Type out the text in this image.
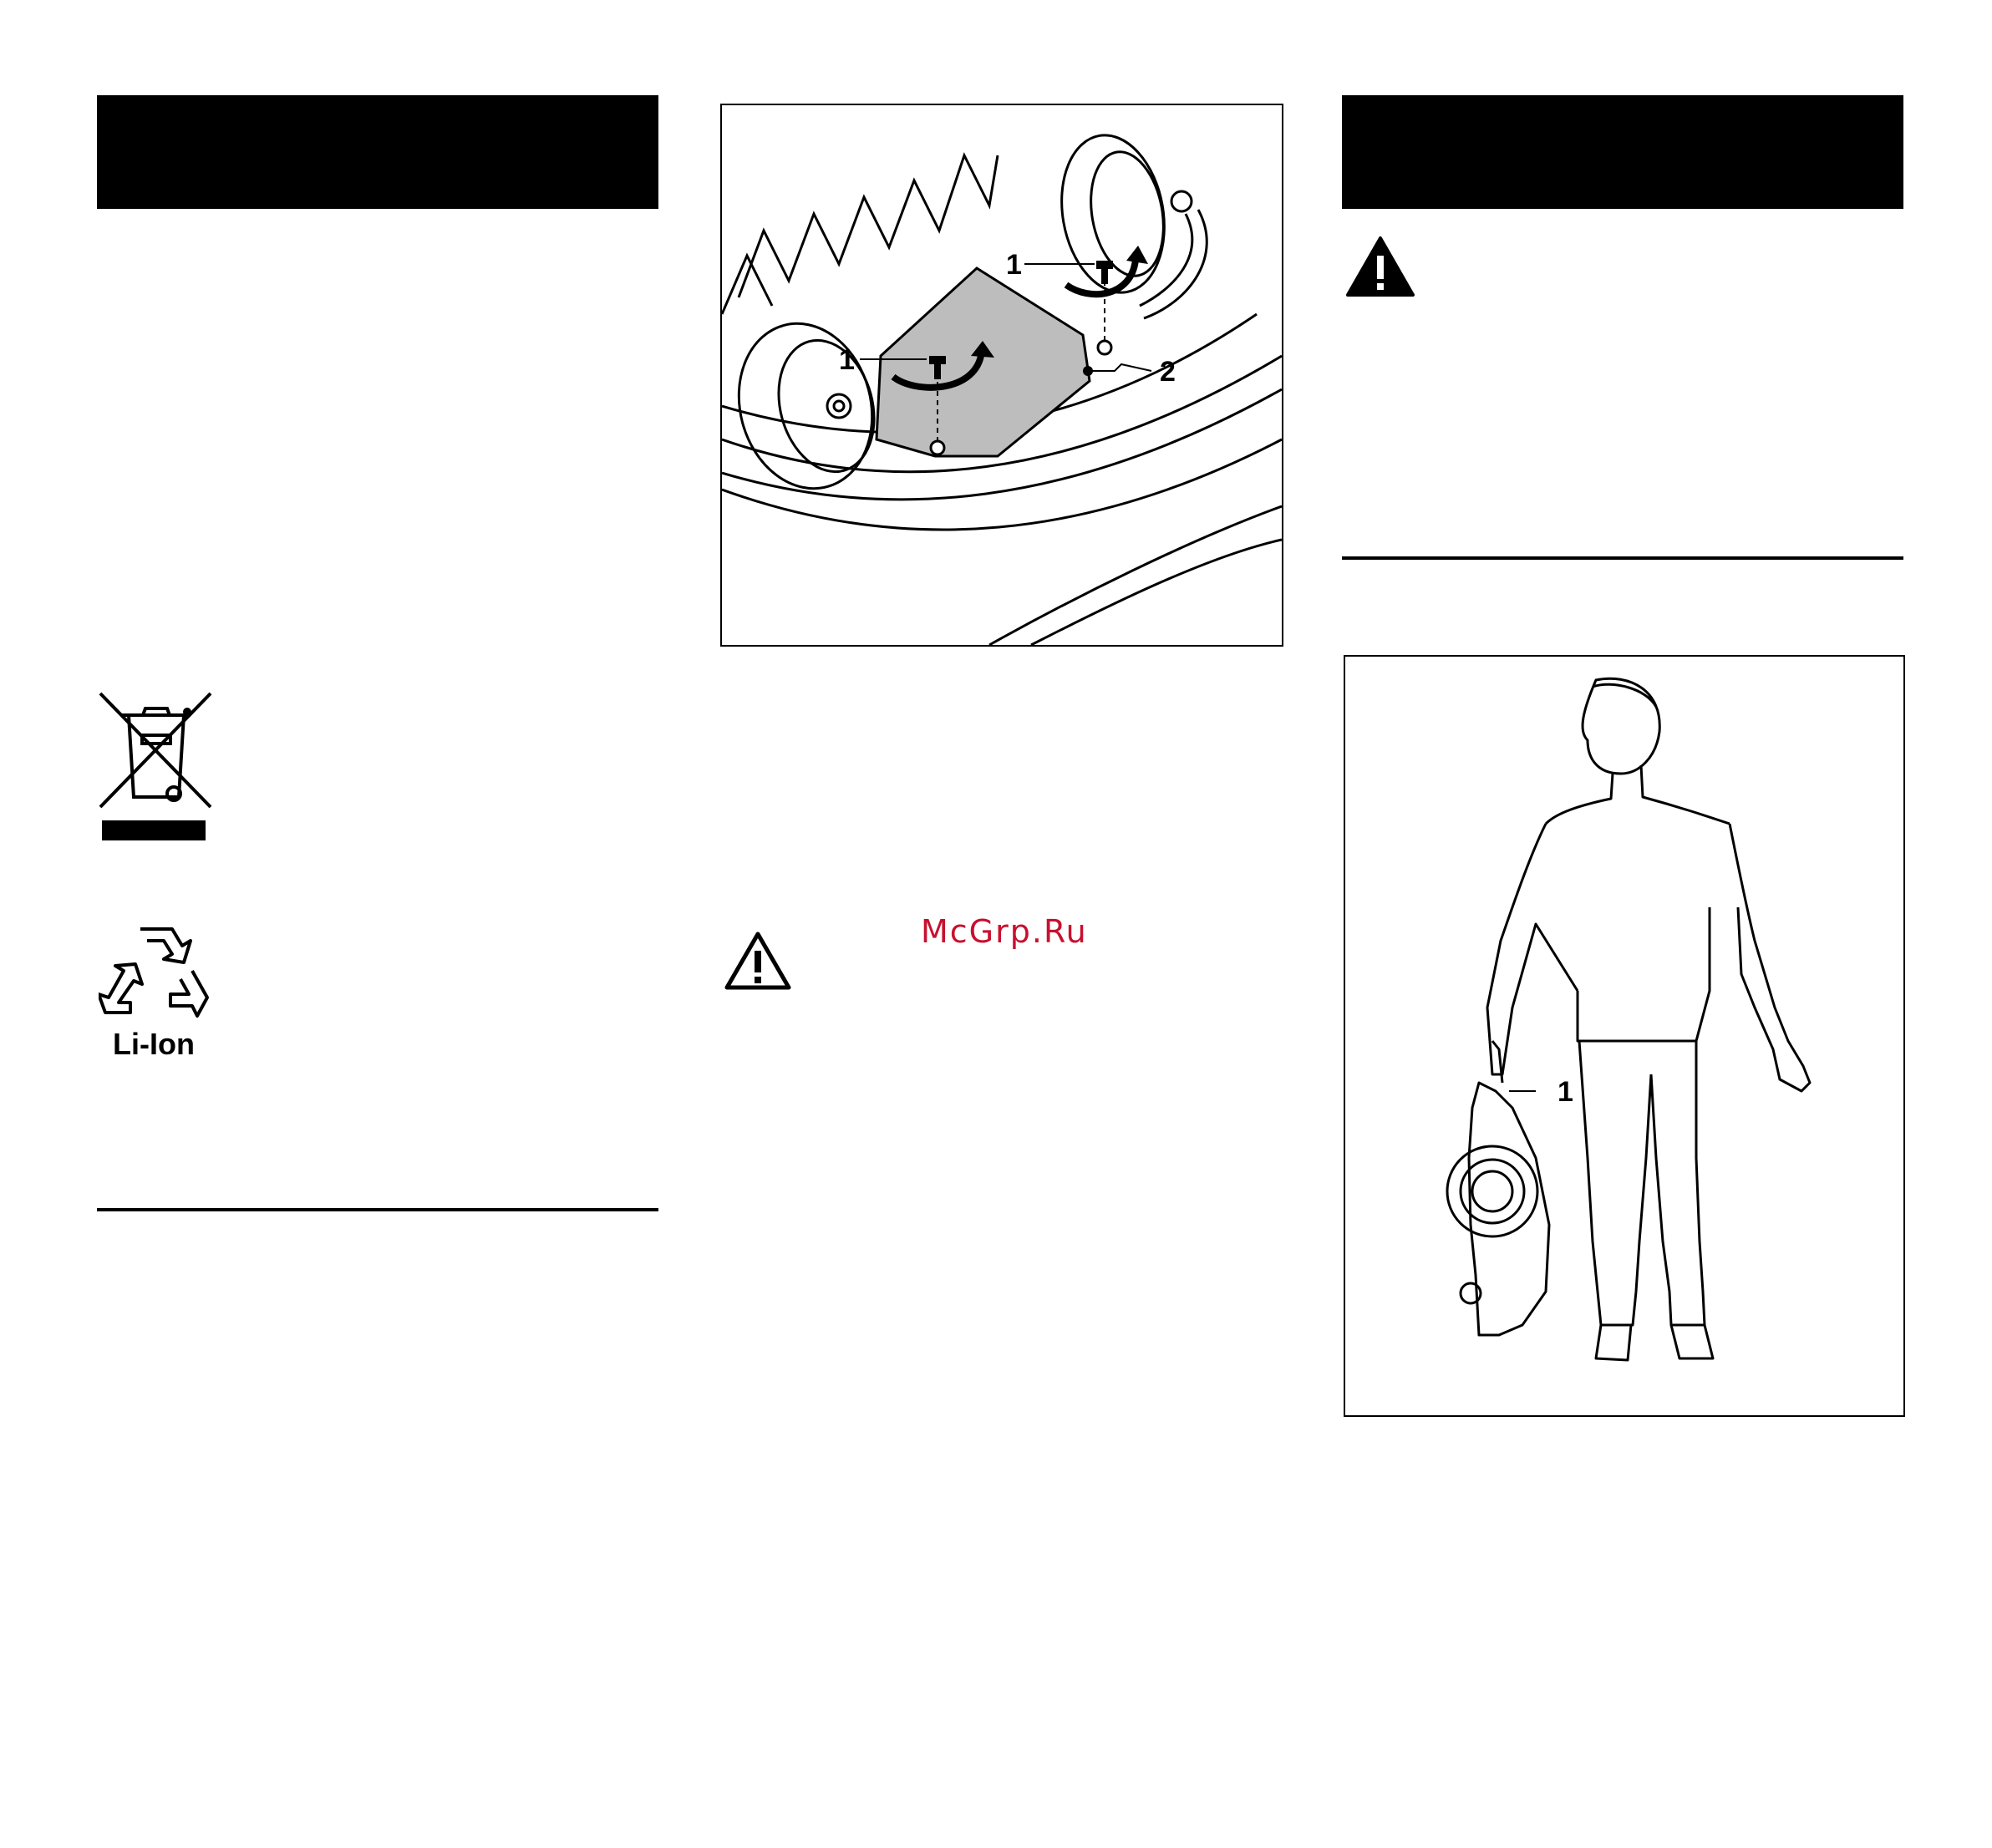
Li-Ion
1
1
2
McGrp.Ru
1
